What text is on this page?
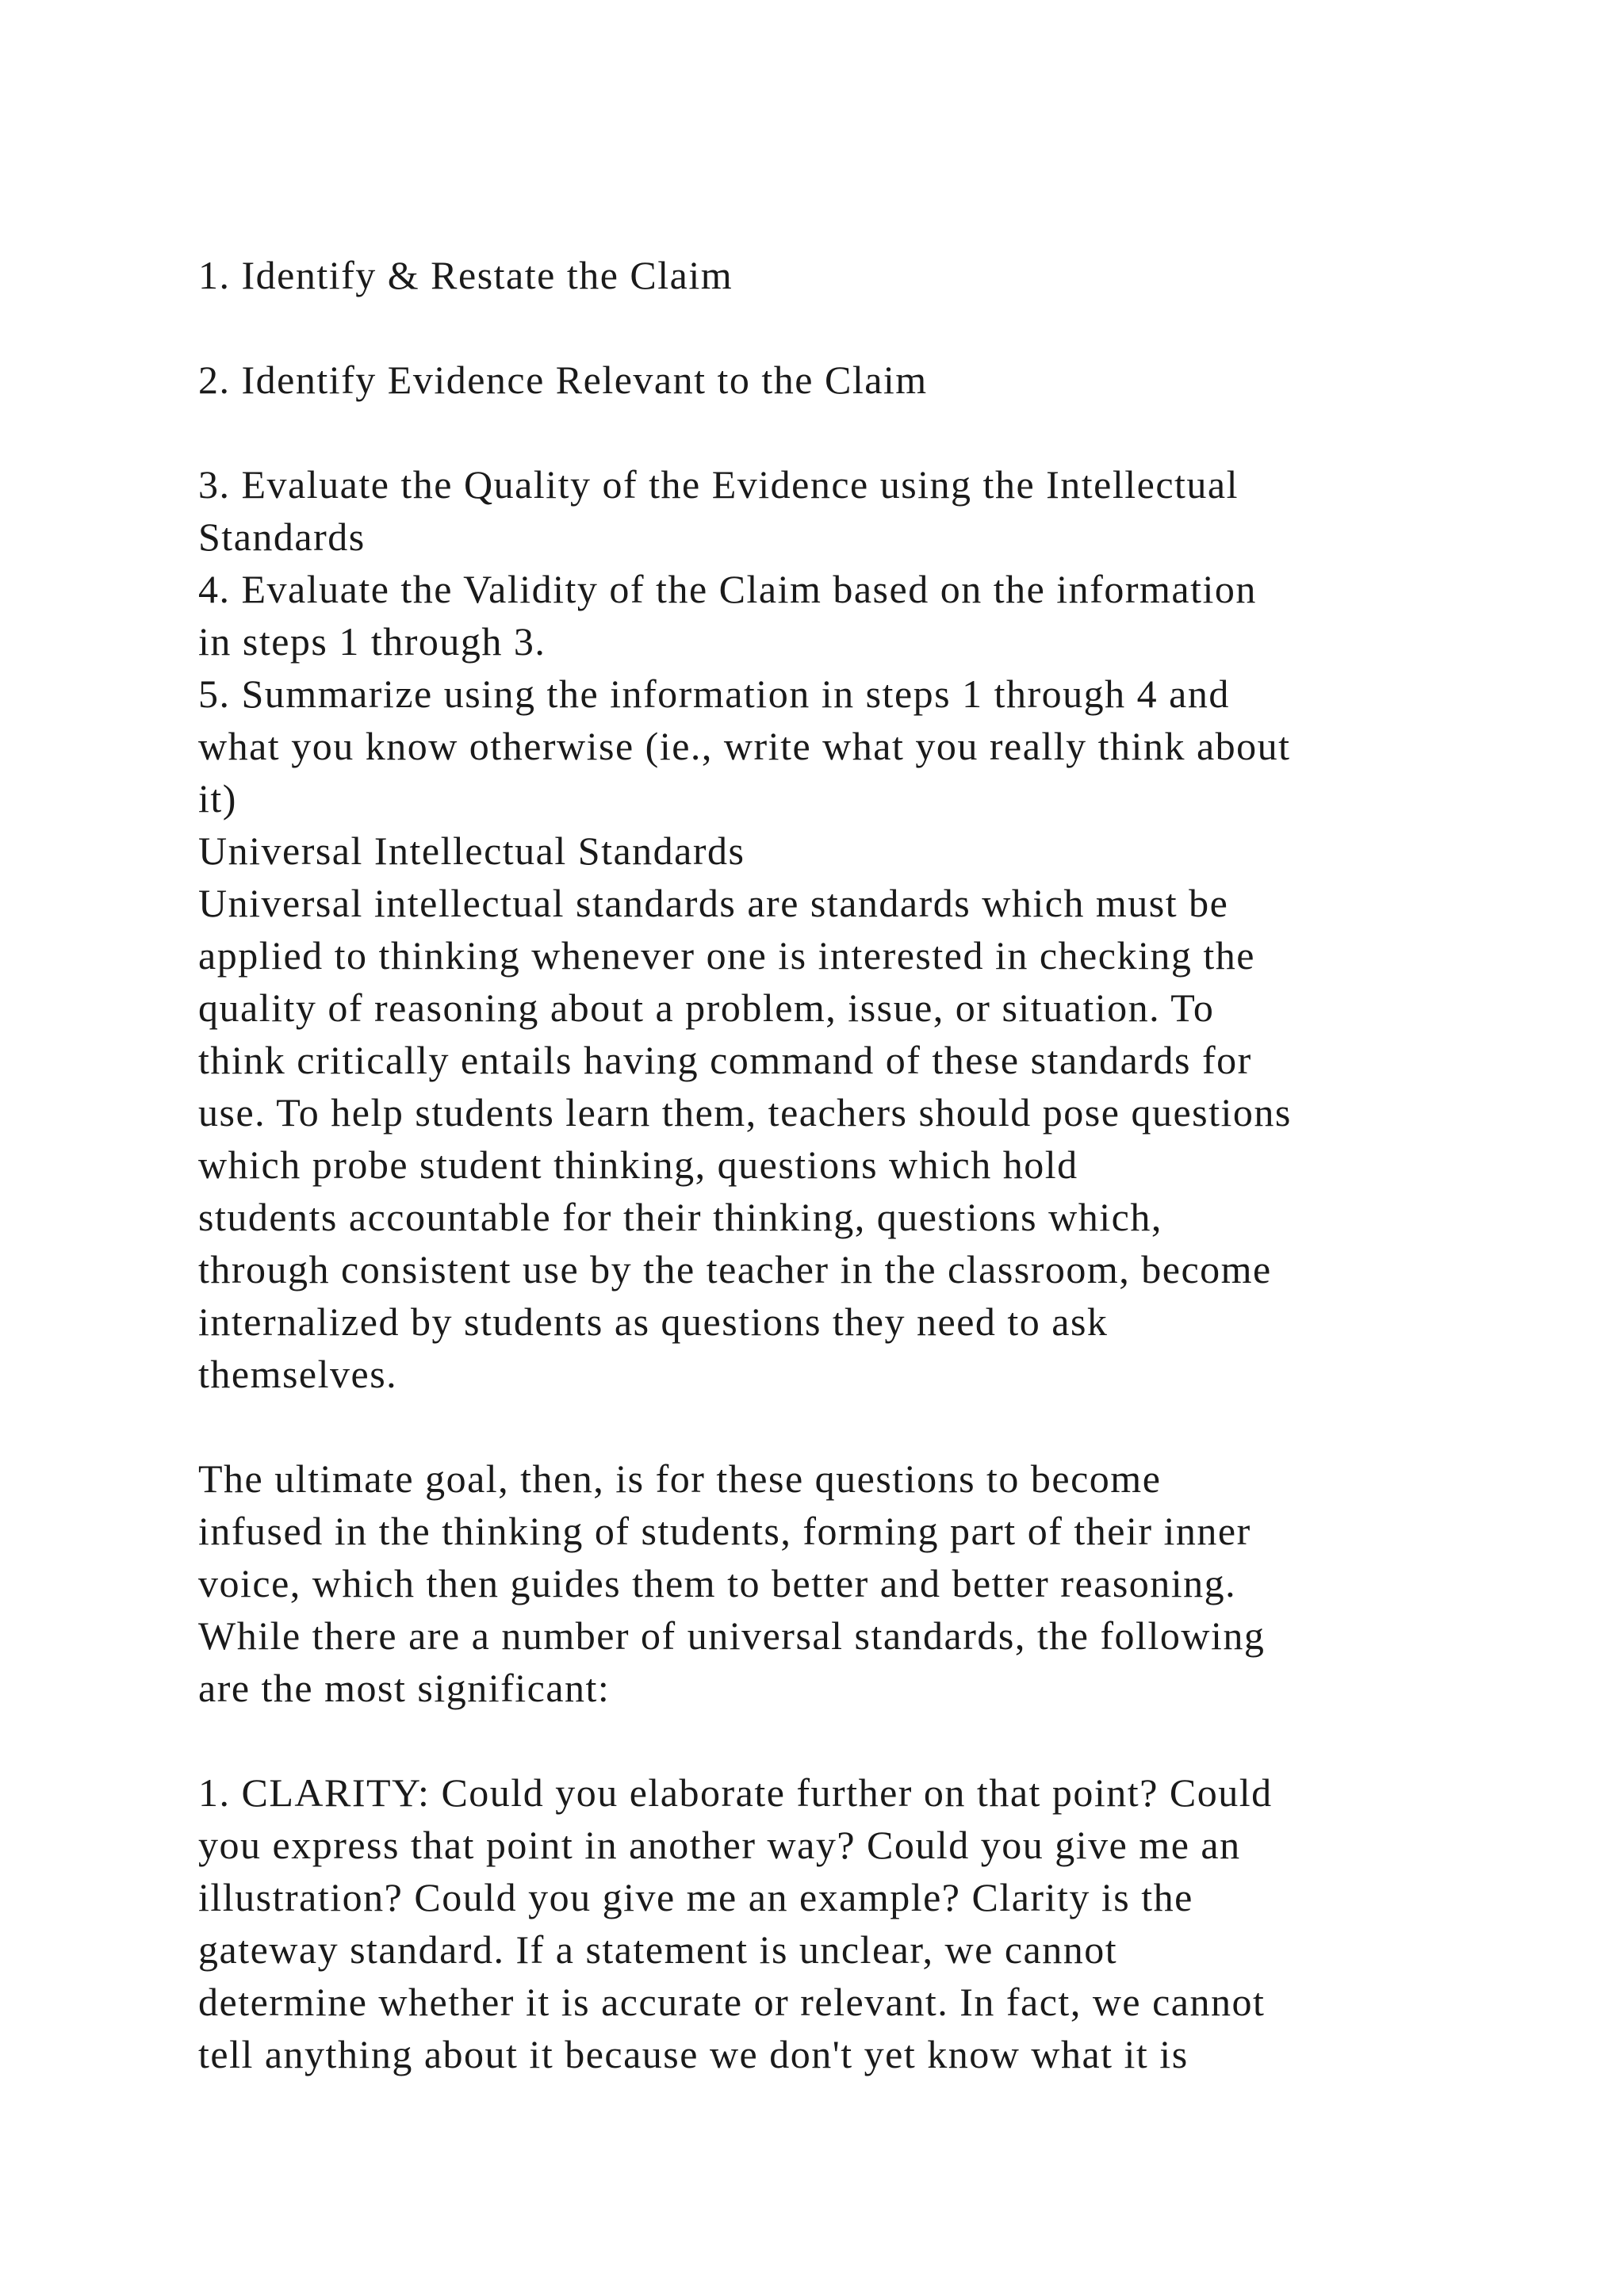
1. Identify & Restate the Claim
2. Identify Evidence Relevant to the Claim
3. Evaluate the Quality of the Evidence using the Intellectual
Standards
4. Evaluate the Validity of the Claim based on the information
in steps 1 through 3.
5. Summarize using the information in steps 1 through 4 and
what you know otherwise (ie., write what you really think about
it)
Universal Intellectual Standards
Universal intellectual standards are standards which must be
applied to thinking whenever one is interested in checking the
quality of reasoning about a problem, issue, or situation. To
think critically entails having command of these standards for
use. To help students learn them, teachers should pose questions
which probe student thinking, questions which hold
students accountable for their thinking, questions which,
through consistent use by the teacher in the classroom, become
internalized by students as questions they need to ask
themselves.
The ultimate goal, then, is for these questions to become
infused in the thinking of students, forming part of their inner
voice, which then guides them to better and better reasoning.
While there are a number of universal standards, the following
are the most significant:
1. CLARITY: Could you elaborate further on that point? Could
you express that point in another way? Could you give me an
illustration? Could you give me an example? Clarity is the
gateway standard. If a statement is unclear, we cannot
determine whether it is accurate or relevant. In fact, we cannot
tell anything about it because we don't yet know what it is
